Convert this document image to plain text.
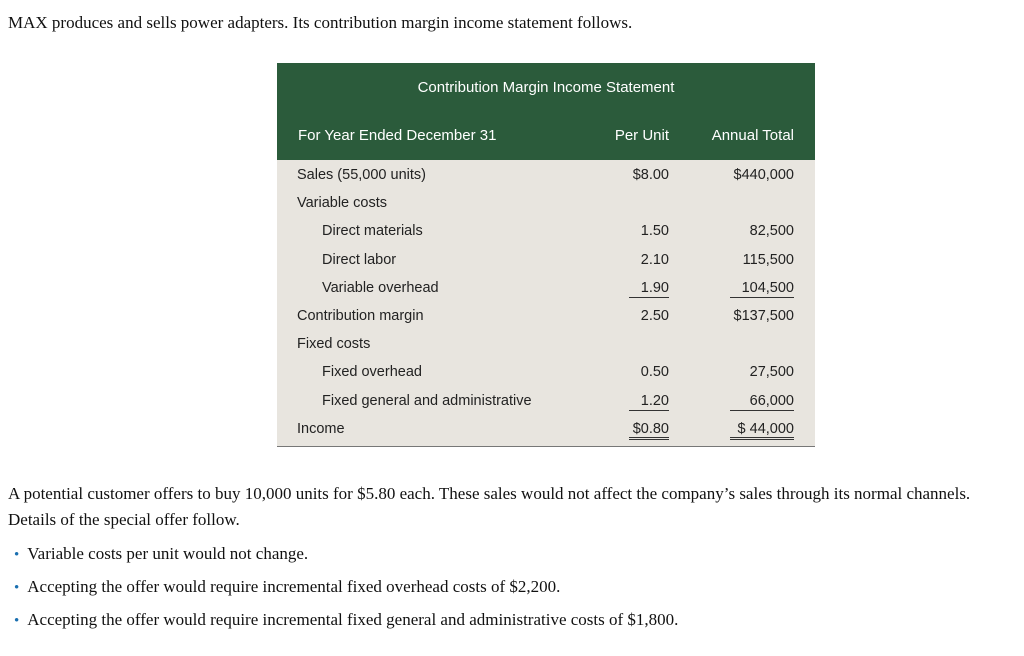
MAX produces and sells power adapters. Its contribution margin income statement follows.

Contribution Margin Income Statement
For Year Ended December 31	Per Unit	Annual Total
Sales (55,000 units)	$8.00	$440,000
Variable costs
Direct materials	1.50	82,500
Direct labor	2.10	115,500
Variable overhead	1.90	104,500
Contribution margin	2.50	$137,500
Fixed costs
Fixed overhead	0.50	27,500
Fixed general and administrative	1.20	66,000
Income	$0.80	$ 44,000

A potential customer offers to buy 10,000 units for $5.80 each. These sales would not affect the company’s sales through its normal channels. Details of the special offer follow.

• Variable costs per unit would not change.
• Accepting the offer would require incremental fixed overhead costs of $2,200.
• Accepting the offer would require incremental fixed general and administrative costs of $1,800.
